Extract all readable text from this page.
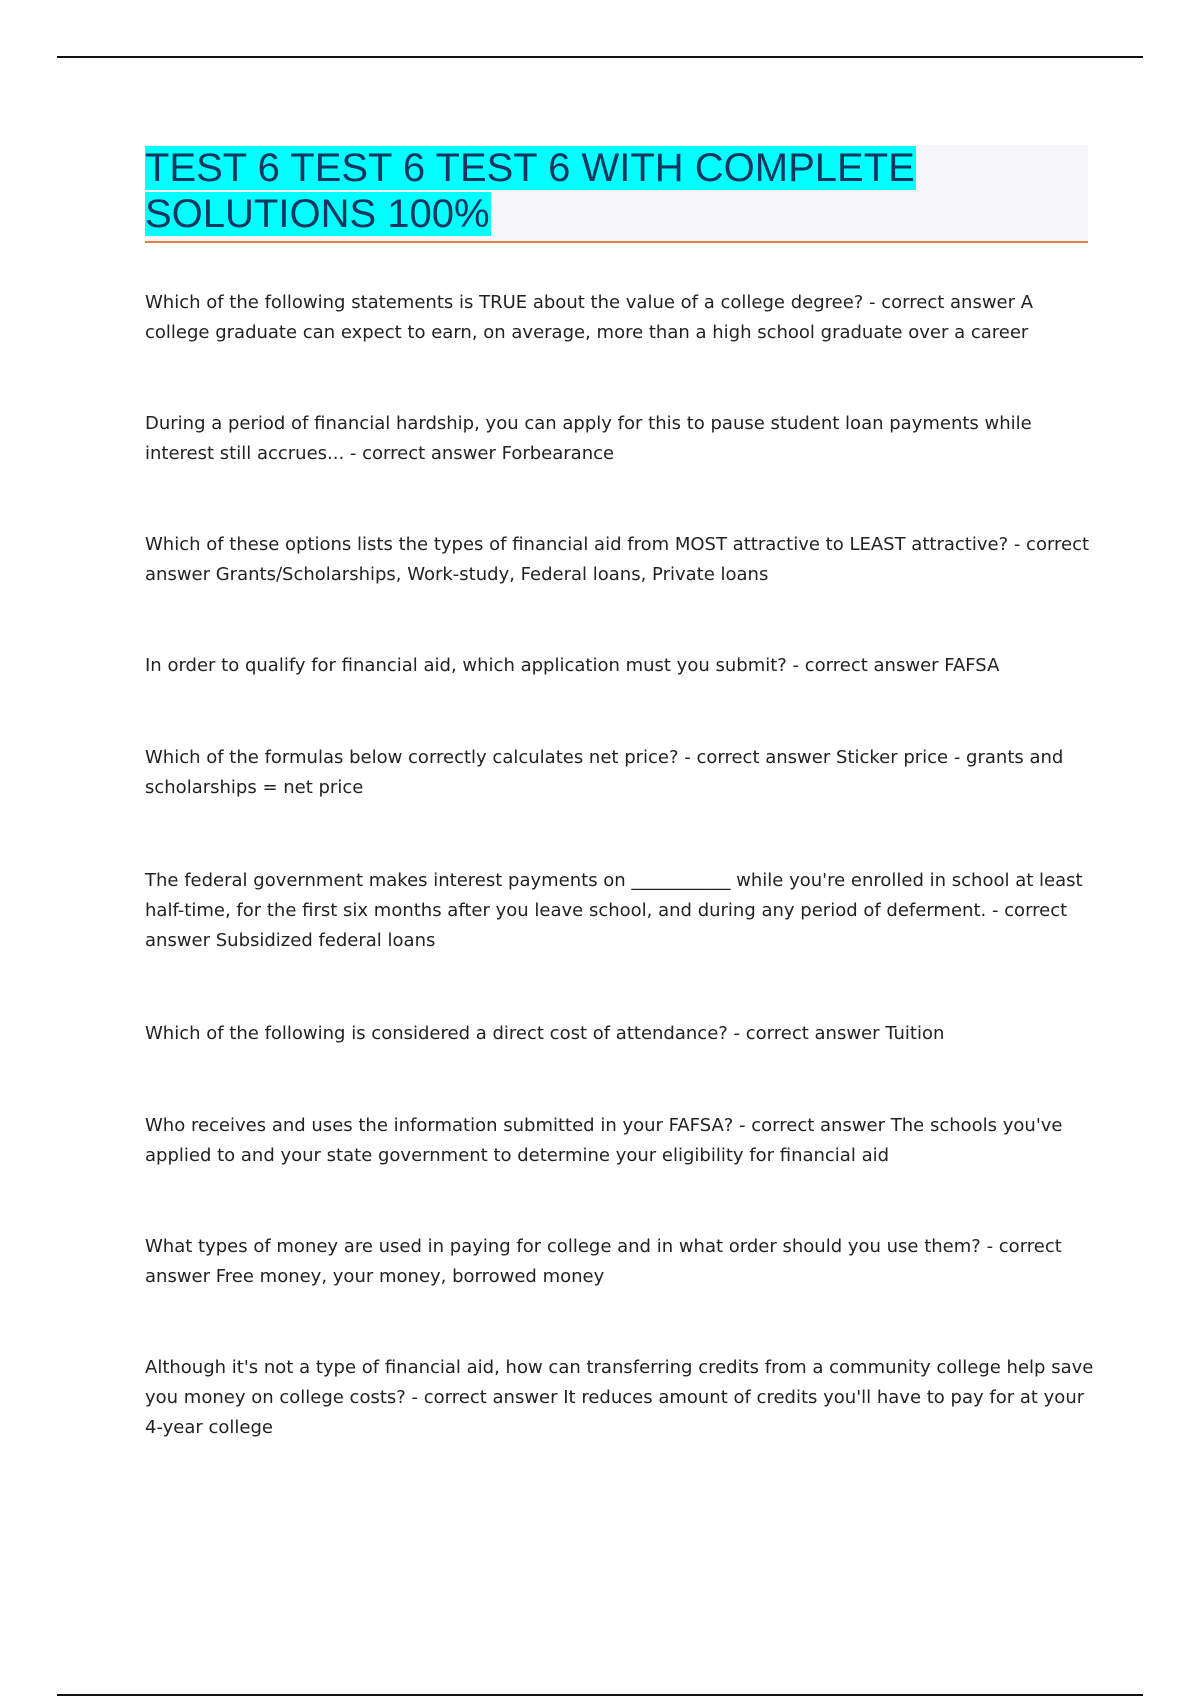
TEST 6 TEST 6 TEST 6 WITH COMPLETE
SOLUTIONS 100%
Which of the following statements is TRUE about the value of a college degree? - correct answer A college graduate can expect to earn, on average, more than a high school graduate over a career
During a period of financial hardship, you can apply for this to pause student loan payments while interest still accrues... - correct answer Forbearance
Which of these options lists the types of financial aid from MOST attractive to LEAST attractive? - correct answer Grants/Scholarships, Work-study, Federal loans, Private loans
In order to qualify for financial aid, which application must you submit? - correct answer FAFSA
Which of the formulas below correctly calculates net price? - correct answer Sticker price - grants and scholarships = net price
The federal government makes interest payments on ___________ while you're enrolled in school at least half-time, for the first six months after you leave school, and during any period of deferment. - correct answer Subsidized federal loans
Which of the following is considered a direct cost of attendance? - correct answer Tuition
Who receives and uses the information submitted in your FAFSA? - correct answer The schools you've applied to and your state government to determine your eligibility for financial aid
What types of money are used in paying for college and in what order should you use them? - correct answer Free money, your money, borrowed money
Although it's not a type of financial aid, how can transferring credits from a community college help save you money on college costs? - correct answer It reduces amount of credits you'll have to pay for at your 4-year college
